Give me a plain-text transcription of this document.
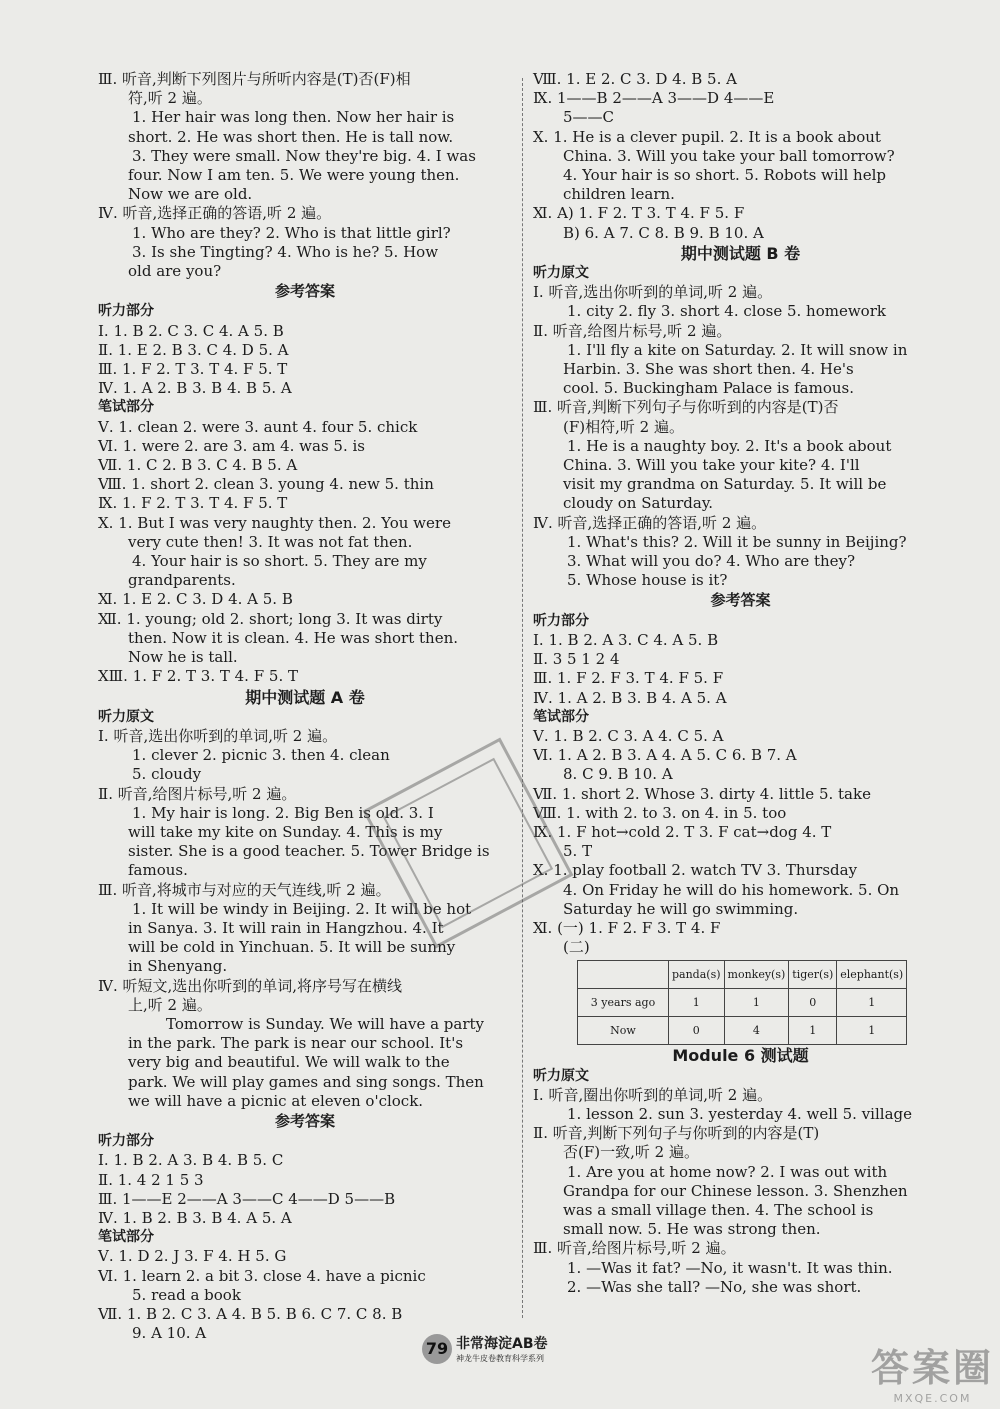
Ⅲ. 听音,判断下列图片与所听内容是(T)否(F)相
符,听 2 遍。
1. Her hair was long then. Now her hair is
short. 2. He was short then. He is tall now.
3. They were small. Now they're big. 4. I was
four. Now I am ten. 5. We were young then.
Now we are old.
Ⅳ. 听音,选择正确的答语,听 2 遍。
1. Who are they? 2. Who is that little girl?
3. Is she Tingting? 4. Who is he? 5. How
old are you?
参考答案
听力部分
Ⅰ. 1. B 2. C 3. C 4. A 5. B
Ⅱ. 1. E 2. B 3. C 4. D 5. A
Ⅲ. 1. F 2. T 3. T 4. F 5. T
Ⅳ. 1. A 2. B 3. B 4. B 5. A
笔试部分
Ⅴ. 1. clean 2. were 3. aunt 4. four 5. chick
Ⅵ. 1. were 2. are 3. am 4. was 5. is
Ⅶ. 1. C 2. B 3. C 4. B 5. A
Ⅷ. 1. short 2. clean 3. young 4. new 5. thin
Ⅸ. 1. F 2. T 3. T 4. F 5. T
Ⅹ. 1. But I was very naughty then. 2. You were
very cute then! 3. It was not fat then.
4. Your hair is so short. 5. They are my
grandparents.
Ⅺ. 1. E 2. C 3. D 4. A 5. B
Ⅻ. 1. young; old 2. short; long 3. It was dirty
then. Now it is clean. 4. He was short then.
Now he is tall.
ⅩⅢ. 1. F 2. T 3. T 4. F 5. T
期中测试题 A 卷
听力原文
Ⅰ. 听音,选出你听到的单词,听 2 遍。
1. clever 2. picnic 3. then 4. clean
5. cloudy
Ⅱ. 听音,给图片标号,听 2 遍。
1. My hair is long. 2. Big Ben is old. 3. I
will take my kite on Sunday. 4. This is my
sister. She is a good teacher. 5. Tower Bridge is
famous.
Ⅲ. 听音,将城市与对应的天气连线,听 2 遍。
1. It will be windy in Beijing. 2. It will be hot
in Sanya. 3. It will rain in Hangzhou. 4. It
will be cold in Yinchuan. 5. It will be sunny
in Shenyang.
Ⅳ. 听短文,选出你听到的单词,将序号写在横线
上,听 2 遍。
Tomorrow is Sunday. We will have a party
in the park. The park is near our school. It's
very big and beautiful. We will walk to the
park. We will play games and sing songs. Then
we will have a picnic at eleven o'clock.
参考答案
听力部分
Ⅰ. 1. B 2. A 3. B 4. B 5. C
Ⅱ. 1. 4 2 1 5 3
Ⅲ. 1——E 2——A 3——C 4——D 5——B
Ⅳ. 1. B 2. B 3. B 4. A 5. A
笔试部分
Ⅴ. 1. D 2. J 3. F 4. H 5. G
Ⅵ. 1. learn 2. a bit 3. close 4. have a picnic
5. read a book
Ⅶ. 1. B 2. C 3. A 4. B 5. B 6. C 7. C 8. B
9. A 10. A
Ⅷ. 1. E 2. C 3. D 4. B 5. A
Ⅸ. 1——B 2——A 3——D 4——E
5——C
Ⅹ. 1. He is a clever pupil. 2. It is a book about
China. 3. Will you take your ball tomorrow?
4. Your hair is so short. 5. Robots will help
children learn.
Ⅺ. A) 1. F 2. T 3. T 4. F 5. F
B) 6. A 7. C 8. B 9. B 10. A
期中测试题 B 卷
听力原文
Ⅰ. 听音,选出你听到的单词,听 2 遍。
1. city 2. fly 3. short 4. close 5. homework
Ⅱ. 听音,给图片标号,听 2 遍。
1. I'll fly a kite on Saturday. 2. It will snow in
Harbin. 3. She was short then. 4. He's
cool. 5. Buckingham Palace is famous.
Ⅲ. 听音,判断下列句子与你听到的内容是(T)否
(F)相符,听 2 遍。
1. He is a naughty boy. 2. It's a book about
China. 3. Will you take your kite? 4. I'll
visit my grandma on Saturday. 5. It will be
cloudy on Saturday.
Ⅳ. 听音,选择正确的答语,听 2 遍。
1. What's this? 2. Will it be sunny in Beijing?
3. What will you do? 4. Who are they?
5. Whose house is it?
参考答案
听力部分
Ⅰ. 1. B 2. A 3. C 4. A 5. B
Ⅱ. 3 5 1 2 4
Ⅲ. 1. F 2. F 3. T 4. F 5. F
Ⅳ. 1. A 2. B 3. B 4. A 5. A
笔试部分
Ⅴ. 1. B 2. C 3. A 4. C 5. A
Ⅵ. 1. A 2. B 3. A 4. A 5. C 6. B 7. A
8. C 9. B 10. A
Ⅶ. 1. short 2. Whose 3. dirty 4. little 5. take
Ⅷ. 1. with 2. to 3. on 4. in 5. too
Ⅸ. 1. F hot→cold 2. T 3. F cat→dog 4. T
5. T
Ⅹ. 1. play football 2. watch TV 3. Thursday
4. On Friday he will do his homework. 5. On
Saturday he will go swimming.
Ⅺ. (一) 1. F 2. F 3. T 4. F
(二)
	panda(s)	monkey(s)	tiger(s)	elephant(s)
3 years ago	1	1	0	1
Now	0	4	1	1
Module 6 测试题
听力原文
Ⅰ. 听音,圈出你听到的单词,听 2 遍。
1. lesson 2. sun 3. yesterday 4. well 5. village
Ⅱ. 听音,判断下列句子与你听到的内容是(T)
否(F)一致,听 2 遍。
1. Are you at home now? 2. I was out with
Grandpa for our Chinese lesson. 3. Shenzhen
was a small village then. 4. The school is
small now. 5. He was strong then.
Ⅲ. 听音,给图片标号,听 2 遍。
1. —Was it fat? —No, it wasn't. It was thin.
2. —Was she tall? —No, she was short.
79 非常海淀AB卷
神龙牛皮卷教育科学系列	答案圈
MXQE.COM
